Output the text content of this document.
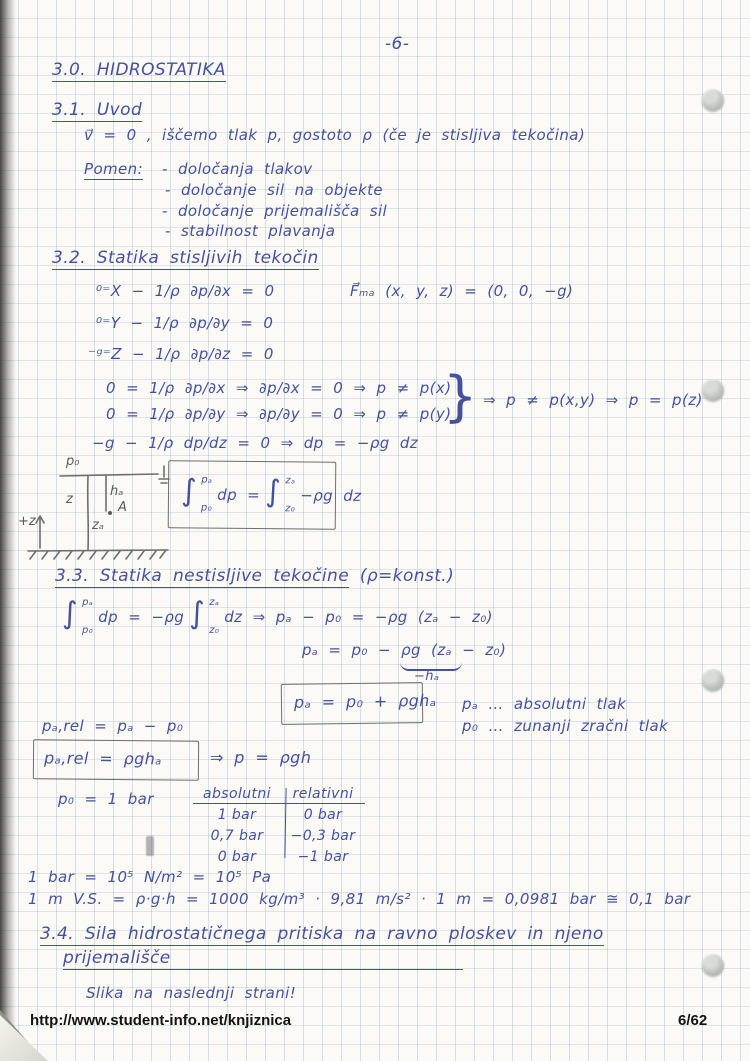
-6-
3.0. HIDROSTATIKA
3.1. Uvod
v⃗ = 0 , iščemo tlak p, gostoto ρ (če je stisljiva tekočina)
Pomen: - določanja tlakov
- določanje sil na objekte
- določanje prijemališča sil
- stabilnost plavanja
3.2. Statika stisljivih tekočin
⁰⁼X − 1/ρ ∂p/∂x = 0	F⃗ₘₐ (x, y, z) = (0, 0, −g)
⁰⁼Y − 1/ρ ∂p/∂y = 0
⁻ᵍ⁼Z − 1/ρ ∂p/∂z = 0
0 = 1/ρ ∂p/∂x ⇒ ∂p/∂x = 0 ⇒ p ≠ p(x)
0 = 1/ρ ∂p/∂y ⇒ ∂p/∂y = 0 ⇒ p ≠ p(y)
} ⇒ p ≠ p(x,y) ⇒ p = p(z)
−g − 1/ρ dp/dz = 0 ⇒ dp = −ρg dz
p₀
z
hₐ
A
zₐ
+z
∫ pₐ
p₀
dp = ∫ zₐ
z₀
−ρg dz
3.3. Statika nestisljive tekočine (ρ=konst.)
∫ pₐ
p₀
dp = −ρg ∫ zₐ
z₀
dz ⇒ pₐ − p₀ = −ρg (zₐ − z₀)
pₐ = p₀ − ρg (zₐ − z₀)
−hₐ
pₐ = p₀ + ρghₐ pₐ … absolutni tlak
p₀ … zunanji zračni tlak
pₐ,rel = pₐ − p₀
pₐ,rel = ρghₐ	⇒ p = ρgh
p₀ = 1 bar	absolutni	relativni
1 bar	0 bar
0,7 bar	−0,3 bar
0 bar	−1 bar
1 bar = 10⁵ N/m² = 10⁵ Pa
1 m V.S. = ρ·g·h = 1000 kg/m³ · 9,81 m/s² · 1 m = 0,0981 bar ≅ 0,1 bar
3.4. Sila hidrostatičnega pritiska na ravno ploskev in njeno
prijemališče
Slika na naslednji strani!
http://www.student-info.net/knjiznica	6/62
